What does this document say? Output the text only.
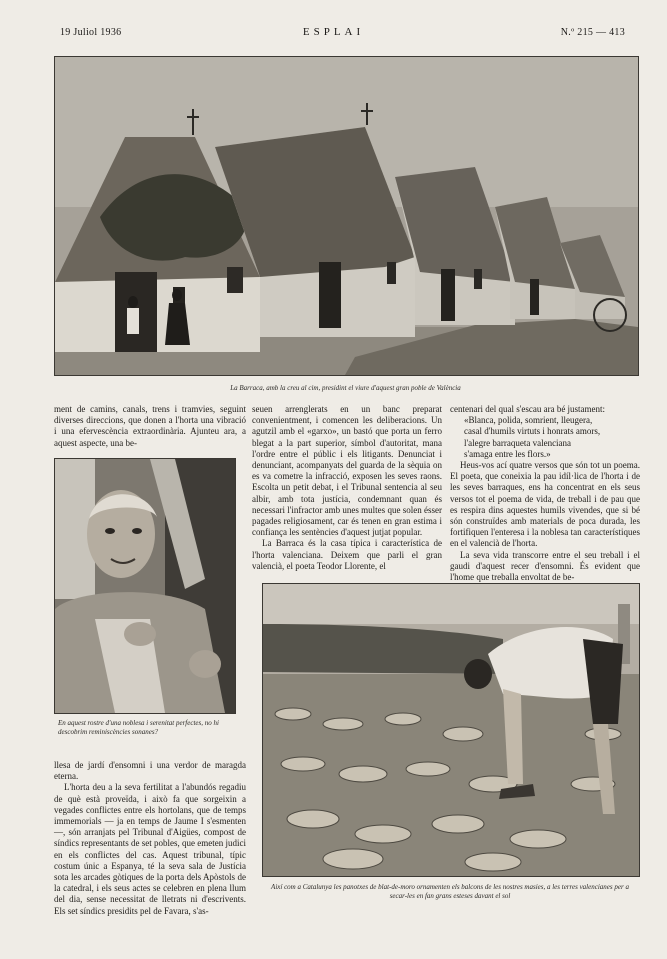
19 Juliol 1936	ESPLAI	N.º 215 — 413
La Barraca, amb la creu al cim, presidint el viure d'aquest gran poble de València

ment de camins, canals, trens i tramvies, seguint diverses direccions, que donen a l'horta una vibració i una efervescència extraordinària. Ajunteu ara, a aquest aspecte, una be-

En aquest rostre d'una noblesa i serenitat perfectes, no hi descobrim reminiscències sonanes?

llesa de jardí d'ensomni i una verdor de maragda eterna.

L'horta deu a la seva fertilitat a l'abundós regadiu de què està proveïda, i això fa que sorgeixin a vegades conflictes entre els hortolans, que de temps immemorials — ja en temps de Jaume I s'esmenten —, són arranjats pel Tribunal d'Aigües, compost de síndics representants de set pobles, que emeten judici en els conflictes del cas. Aquest tribunal, típic costum únic a Espanya, té la seva sala de Justícia sota les arcades gòtiques de la porta dels Apòstols de la catedral, i els seus actes se celebren en plena llum del dia, sense necessitat de lletrats ni d'escrivents. Els set síndics presidits pel de Favara, s'as-

seuen arrenglerats en un banc preparat convenientment, i comencen les deliberacions. Un agutzil amb el «garxo», un bastó que porta un ferro blegat a la part superior, símbol d'autoritat, mana l'ordre entre el públic i els litigants. Denunciat i denunciant, acompanyats del guarda de la sèquia on es va cometre la infracció, exposen les seves raons. Escolta un petit debat, i el Tribunal sentencia al seu albir, amb tota justícia, condemnant quan és necessari l'infractor amb unes multes que solen ésser pagades religiosament, car és tenen en gran estima i confiança les sentències d'aquest jutjat popular.

La Barraca és la casa típica i característica de l'horta valenciana. Deixem que parli el gran valencià, el poeta Teodor Llorente, el

centenari del qual s'escau ara bé justament:

«Blanca, polida, somrient, lleugera,
casal d'humils virtuts i honrats amors,
l'alegre barraqueta valenciana
s'amaga entre les flors.»

Heus-vos ací quatre versos que són tot un poema. El poeta, que coneixia la pau idíl·lica de l'horta i de les seves barraques, ens ha concentrat en els seus versos tot el poema de vida, de treball i de pau que es respira dins aquestes humils vivendes, que si bé són construïdes amb materials de poca durada, les fortifiquen l'enteresa i la noblesa tan característiques en el valencià de l'horta.

La seva vida transcorre entre el seu treball i el gaudi d'aquest recer d'ensomni. És evident que l'home que treballa envoltat de be-

Així com a Catalunya les panotxes de blat-de-moro ornamenten els balcons de les nostres masies, a les terres valencianes per a secar-les en fan grans esteses davant el sol
